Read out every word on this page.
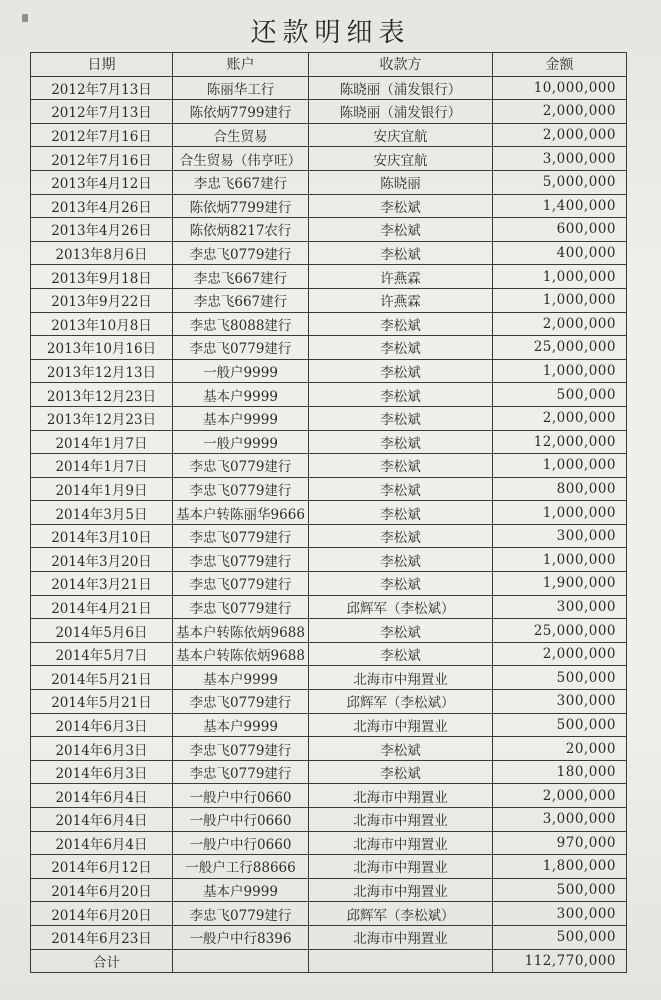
还款明细表
日期	账户	收款方	金额
2012年7月13日	陈丽华工行	陈晓丽（浦发银行）	10,000,000
2012年7月13日	陈依炳7799建行	陈晓丽（浦发银行）	2,000,000
2012年7月16日	合生贸易	安庆宜航	2,000,000
2012年7月16日	合生贸易（伟亨旺）	安庆宜航	3,000,000
2013年4月12日	李忠飞667建行	陈晓丽	5,000,000
2013年4月26日	陈依炳7799建行	李松斌	1,400,000
2013年4月26日	陈依炳8217农行	李松斌	600,000
2013年8月6日	李忠飞0779建行	李松斌	400,000
2013年9月18日	李忠飞667建行	许燕霖	1,000,000
2013年9月22日	李忠飞667建行	许燕霖	1,000,000
2013年10月8日	李忠飞8088建行	李松斌	2,000,000
2013年10月16日	李忠飞0779建行	李松斌	25,000,000
2013年12月13日	一般户9999	李松斌	1,000,000
2013年12月23日	基本户9999	李松斌	500,000
2013年12月23日	基本户9999	李松斌	2,000,000
2014年1月7日	一般户9999	李松斌	12,000,000
2014年1月7日	李忠飞0779建行	李松斌	1,000,000
2014年1月9日	李忠飞0779建行	李松斌	800,000
2014年3月5日	基本户转陈丽华9666	李松斌	1,000,000
2014年3月10日	李忠飞0779建行	李松斌	300,000
2014年3月20日	李忠飞0779建行	李松斌	1,000,000
2014年3月21日	李忠飞0779建行	李松斌	1,900,000
2014年4月21日	李忠飞0779建行	邱辉军（李松斌）	300,000
2014年5月6日	基本户转陈依炳9688	李松斌	25,000,000
2014年5月7日	基本户转陈依炳9688	李松斌	2,000,000
2014年5月21日	基本户9999	北海市中翔置业	500,000
2014年5月21日	李忠飞0779建行	邱辉军（李松斌）	300,000
2014年6月3日	基本户9999	北海市中翔置业	500,000
2014年6月3日	李忠飞0779建行	李松斌	20,000
2014年6月3日	李忠飞0779建行	李松斌	180,000
2014年6月4日	一般户中行0660	北海市中翔置业	2,000,000
2014年6月4日	一般户中行0660	北海市中翔置业	3,000,000
2014年6月4日	一般户中行0660	北海市中翔置业	970,000
2014年6月12日	一般户工行88666	北海市中翔置业	1,800,000
2014年6月20日	基本户9999	北海市中翔置业	500,000
2014年6月20日	李忠飞0779建行	邱辉军（李松斌）	300,000
2014年6月23日	一般户中行8396	北海市中翔置业	500,000
合计			112,770,000
